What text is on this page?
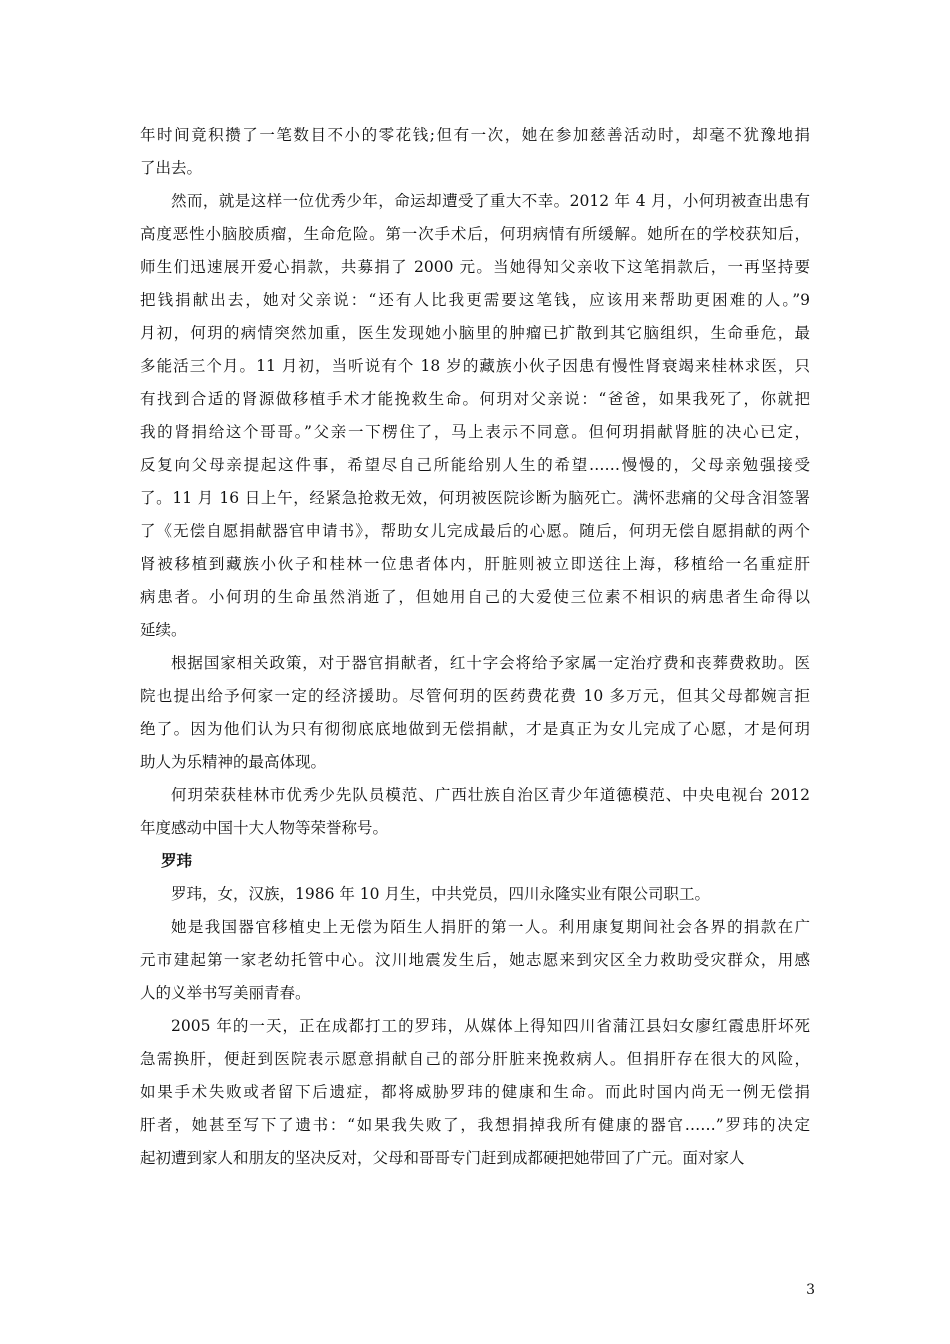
年时间竟积攒了一笔数目不小的零花钱;但有一次，她在参加慈善活动时，却毫不犹豫地捐
了出去。
然而，就是这样一位优秀少年，命运却遭受了重大不幸。2012 年 4 月，小何玥被查出患有
高度恶性小脑胶质瘤，生命危险。第一次手术后，何玥病情有所缓解。她所在的学校获知后，
师生们迅速展开爱心捐款，共募捐了 2000 元。当她得知父亲收下这笔捐款后，一再坚持要
把钱捐献出去，她对父亲说：“还有人比我更需要这笔钱，应该用来帮助更困难的人。”9
月初，何玥的病情突然加重，医生发现她小脑里的肿瘤已扩散到其它脑组织，生命垂危，最
多能活三个月。11 月初，当听说有个 18 岁的藏族小伙子因患有慢性肾衰竭来桂林求医，只
有找到合适的肾源做移植手术才能挽救生命。何玥对父亲说：“爸爸，如果我死了，你就把
我的肾捐给这个哥哥。”父亲一下楞住了，马上表示不同意。但何玥捐献肾脏的决心已定，
反复向父母亲提起这件事，希望尽自己所能给别人生的希望……慢慢的，父母亲勉强接受
了。11 月 16 日上午，经紧急抢救无效，何玥被医院诊断为脑死亡。满怀悲痛的父母含泪签署
了《无偿自愿捐献器官申请书》，帮助女儿完成最后的心愿。随后，何玥无偿自愿捐献的两个
肾被移植到藏族小伙子和桂林一位患者体内，肝脏则被立即送往上海，移植给一名重症肝
病患者。小何玥的生命虽然消逝了，但她用自己的大爱使三位素不相识的病患者生命得以
延续。
根据国家相关政策，对于器官捐献者，红十字会将给予家属一定治疗费和丧葬费救助。医
院也提出给予何家一定的经济援助。尽管何玥的医药费花费 10 多万元，但其父母都婉言拒
绝了。因为他们认为只有彻彻底底地做到无偿捐献，才是真正为女儿完成了心愿，才是何玥
助人为乐精神的最高体现。
何玥荣获桂林市优秀少先队员模范、广西壮族自治区青少年道德模范、中央电视台 2012
年度感动中国十大人物等荣誉称号。
罗玮
罗玮，女，汉族，1986 年 10 月生，中共党员，四川永隆实业有限公司职工。
她是我国器官移植史上无偿为陌生人捐肝的第一人。利用康复期间社会各界的捐款在广
元市建起第一家老幼托管中心。汶川地震发生后，她志愿来到灾区全力救助受灾群众，用感
人的义举书写美丽青春。
2005 年的一天，正在成都打工的罗玮，从媒体上得知四川省蒲江县妇女廖红霞患肝坏死
急需换肝，便赶到医院表示愿意捐献自己的部分肝脏来挽救病人。但捐肝存在很大的风险，
如果手术失败或者留下后遗症，都将威胁罗玮的健康和生命。而此时国内尚无一例无偿捐
肝者，她甚至写下了遗书：“如果我失败了，我想捐掉我所有健康的器官……”罗玮的决定
起初遭到家人和朋友的坚决反对，父母和哥哥专门赶到成都硬把她带回了广元。面对家人
3
